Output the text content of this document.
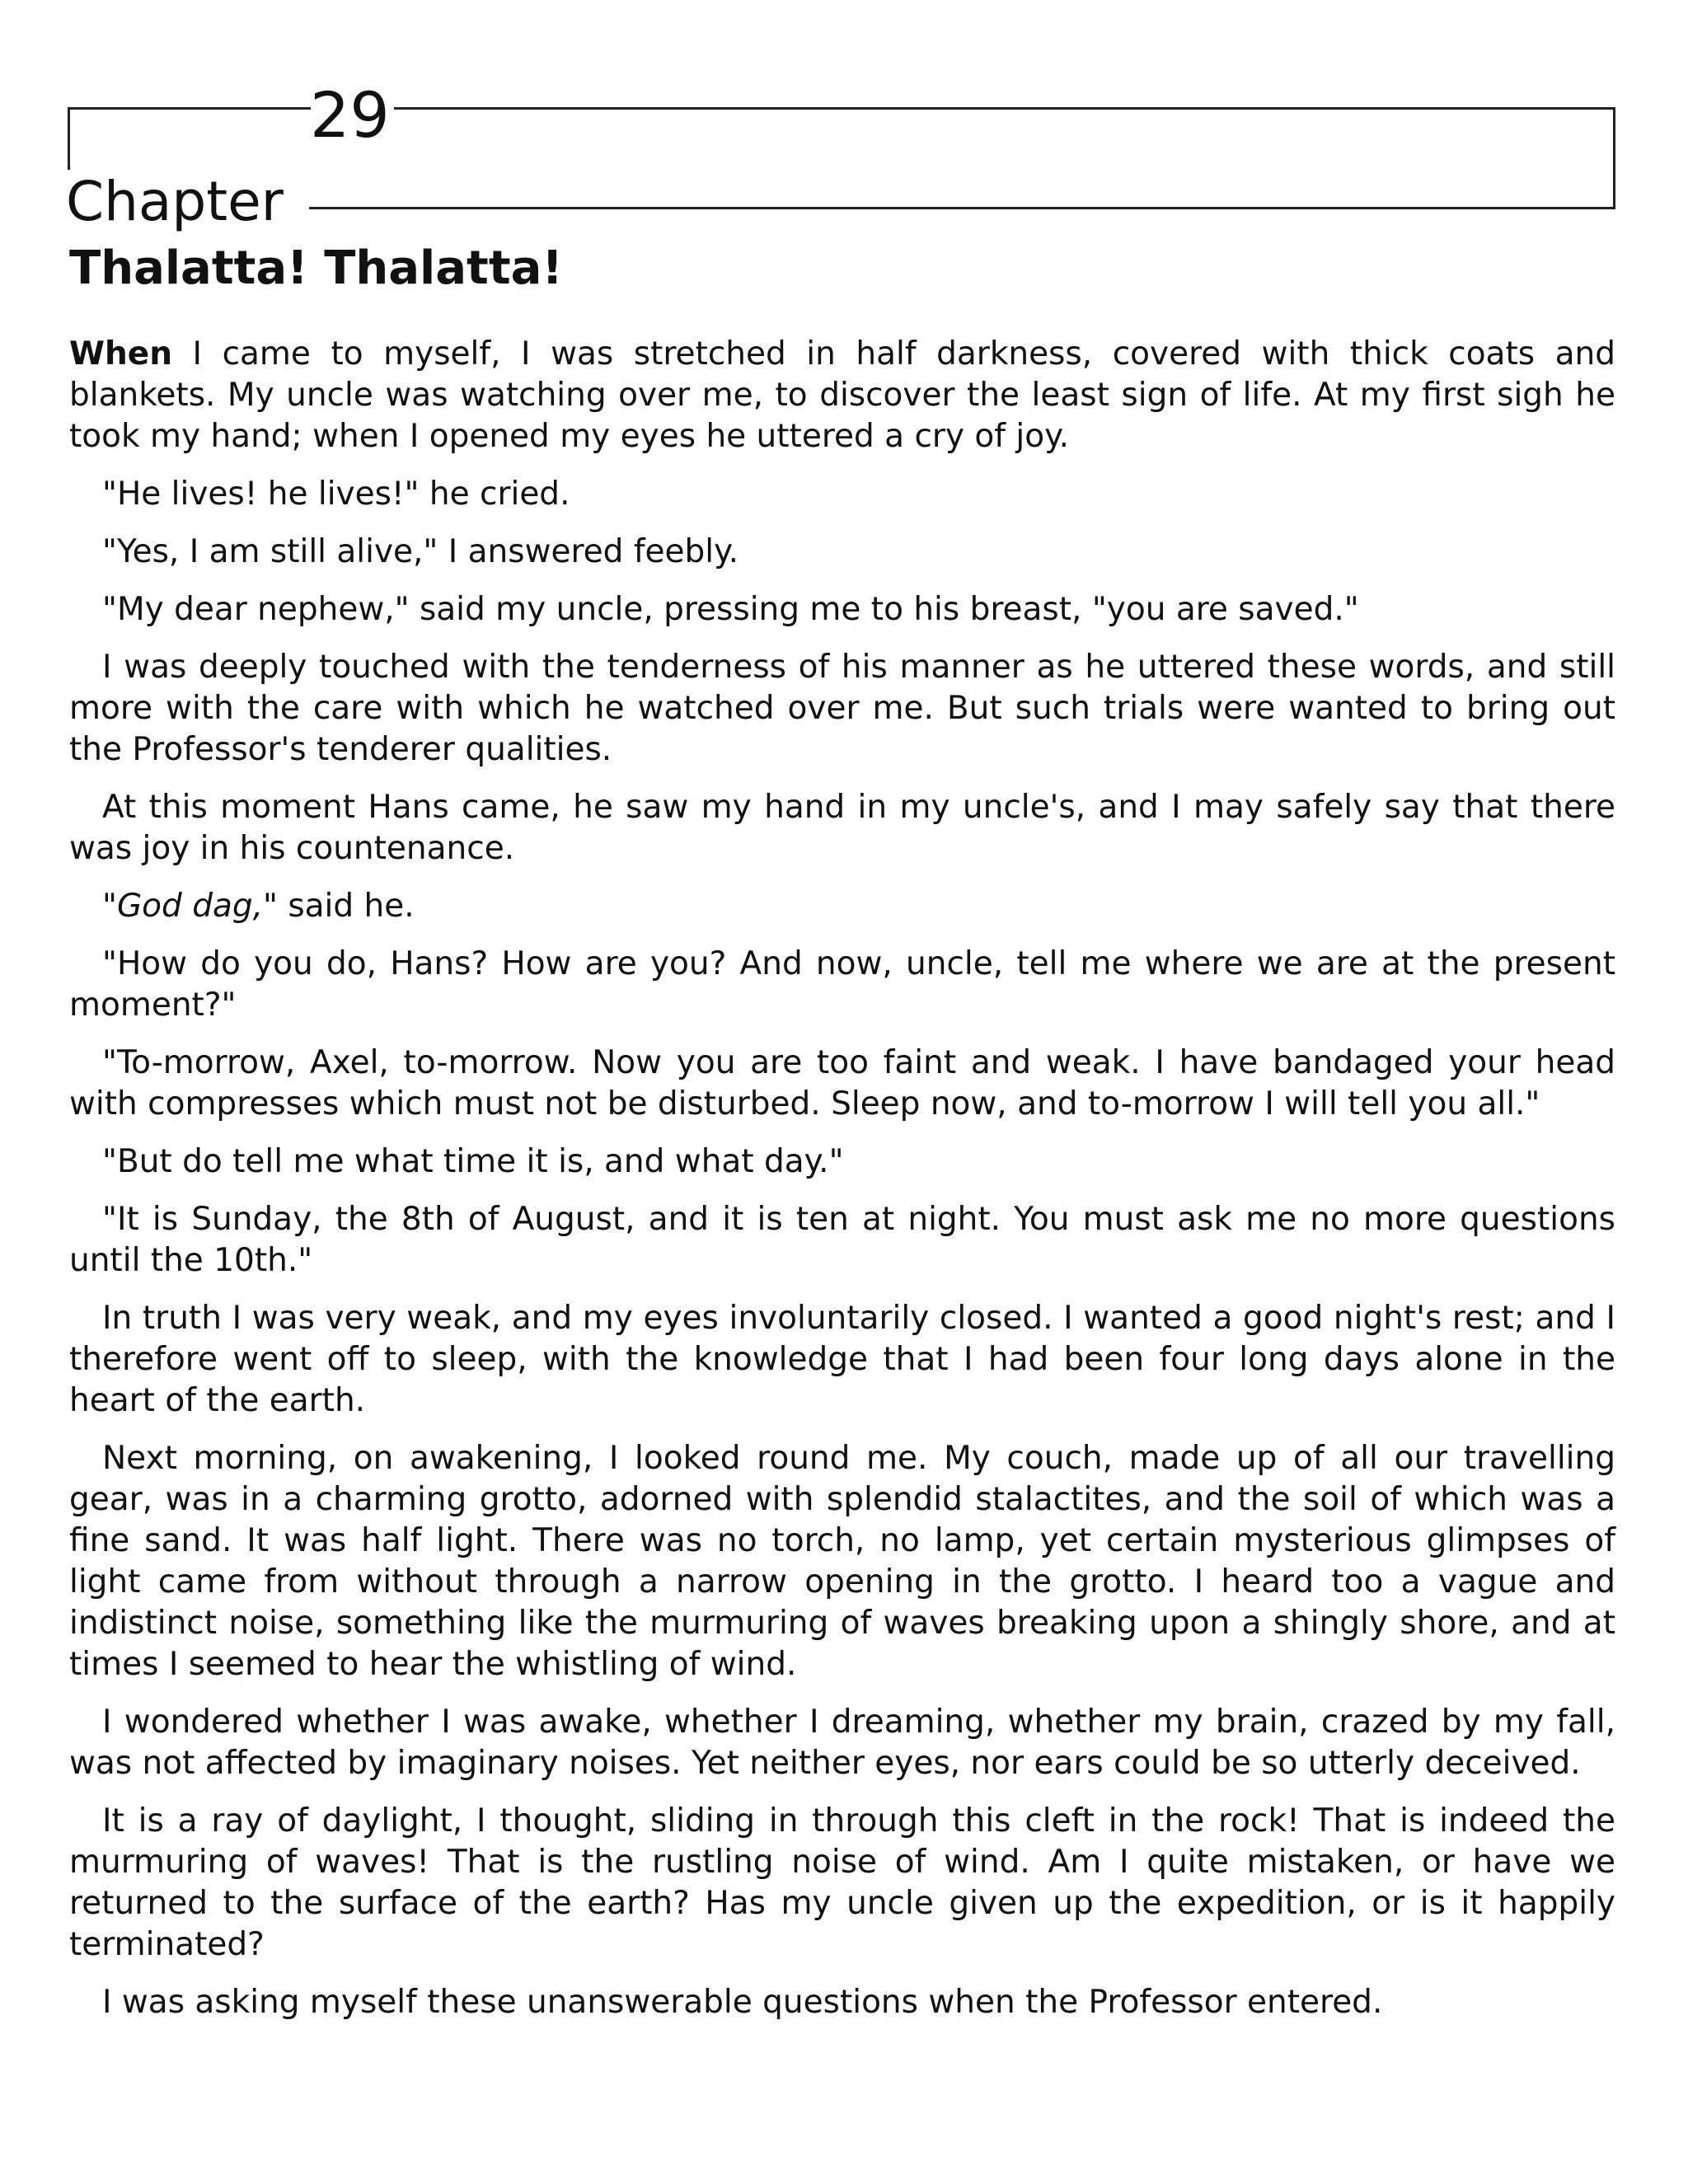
29
Chapter
Thalatta! Thalatta!

When I came to myself, I was stretched in half darkness, covered with thick coats and blankets. My uncle was watching over me, to discover the least sign of life. At my first sigh he took my hand; when I opened my eyes he uttered a cry of joy.

"He lives! he lives!" he cried.

"Yes, I am still alive," I answered feebly.

"My dear nephew," said my uncle, pressing me to his breast, "you are saved."

I was deeply touched with the tenderness of his manner as he uttered these words, and still more with the care with which he watched over me. But such trials were wanted to bring out the Professor's tenderer qualities.

At this moment Hans came, he saw my hand in my uncle's, and I may safely say that there was joy in his countenance.

"God dag," said he.

"How do you do, Hans? How are you? And now, uncle, tell me where we are at the present moment?"

"To-morrow, Axel, to-morrow. Now you are too faint and weak. I have bandaged your head with compresses which must not be disturbed. Sleep now, and to-morrow I will tell you all."

"But do tell me what time it is, and what day."

"It is Sunday, the 8th of August, and it is ten at night. You must ask me no more questions until the 10th."

In truth I was very weak, and my eyes involuntarily closed. I wanted a good night's rest; and I therefore went off to sleep, with the knowledge that I had been four long days alone in the heart of the earth.

Next morning, on awakening, I looked round me. My couch, made up of all our travelling gear, was in a charming grotto, adorned with splendid stalactites, and the soil of which was a fine sand. It was half light. There was no torch, no lamp, yet certain mysterious glimpses of light came from without through a narrow opening in the grotto. I heard too a vague and indistinct noise, something like the murmuring of waves breaking upon a shingly shore, and at times I seemed to hear the whistling of wind.

I wondered whether I was awake, whether I dreaming, whether my brain, crazed by my fall, was not affected by imaginary noises. Yet neither eyes, nor ears could be so utterly deceived.

It is a ray of daylight, I thought, sliding in through this cleft in the rock! That is indeed the murmuring of waves! That is the rustling noise of wind. Am I quite mistaken, or have we returned to the surface of the earth? Has my uncle given up the expedition, or is it happily terminated?

I was asking myself these unanswerable questions when the Professor entered.
